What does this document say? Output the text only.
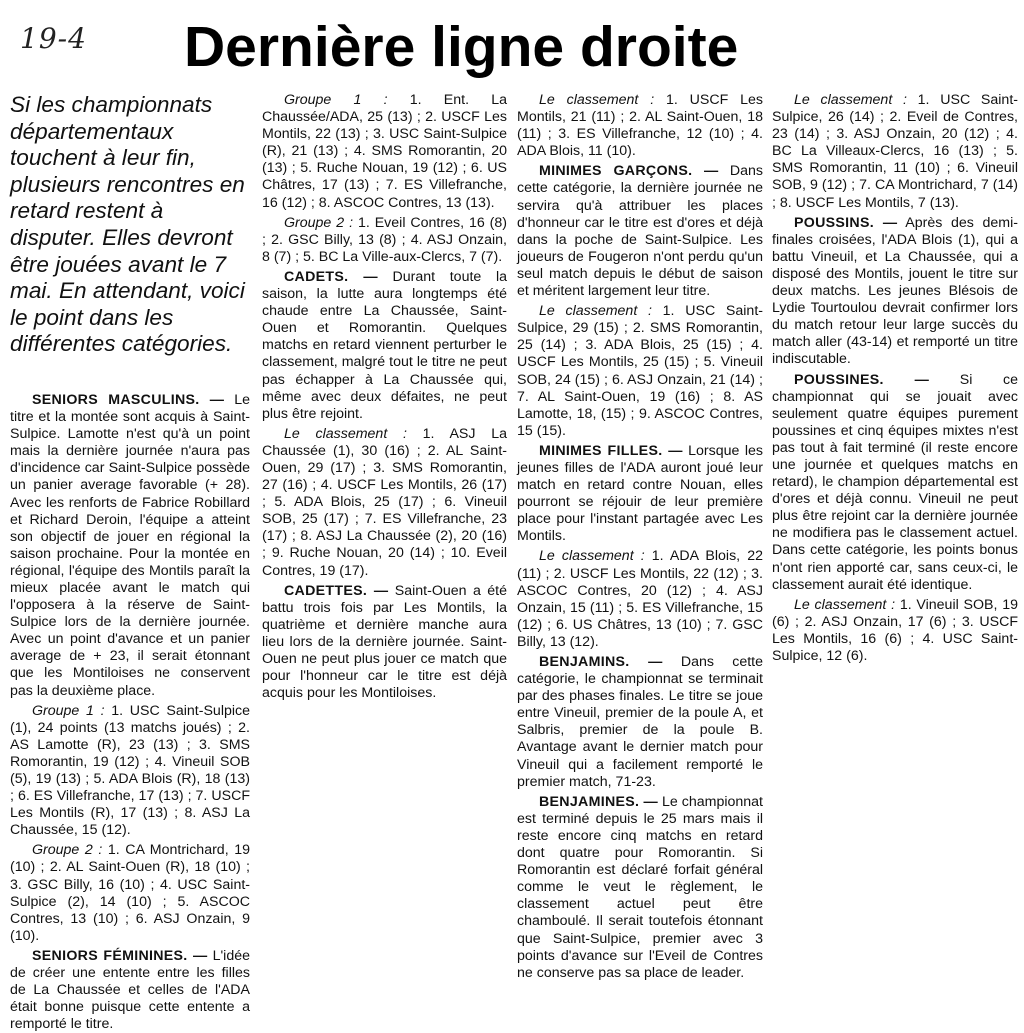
19-4 Dernière ligne droite

Si les championnats départementaux touchent à leur fin, plusieurs rencontres en retard restent à disputer. Elles devront être jouées avant le 7 mai. En attendant, voici le point dans les différentes catégories.

SENIORS MASCULINS. — Le titre et la montée sont acquis à Saint-Sulpice. Lamotte n'est qu'à un point mais la dernière journée n'aura pas d'incidence car Saint-Sulpice possède un panier average favorable (+ 28). Avec les renforts de Fabrice Robillard et Richard Deroin, l'équipe a atteint son objectif de jouer en régional la saison prochaine. Pour la montée en régional, l'équipe des Montils paraît la mieux placée avant le match qui l'opposera à la réserve de Saint-Sulpice lors de la dernière journée. Avec un point d'avance et un panier average de + 23, il serait étonnant que les Montiloises ne conservent pas la deuxième place.

Groupe 1 : 1. USC Saint-Sulpice (1), 24 points (13 matchs joués) ; 2. AS Lamotte (R), 23 (13) ; 3. SMS Romorantin, 19 (12) ; 4. Vineuil SOB (5), 19 (13) ; 5. ADA Blois (R), 18 (13) ; 6. ES Villefranche, 17 (13) ; 7. USCF Les Montils (R), 17 (13) ; 8. ASJ La Chaussée, 15 (12).

Groupe 2 : 1. CA Montrichard, 19 (10) ; 2. AL Saint-Ouen (R), 18 (10) ; 3. GSC Billy, 16 (10) ; 4. USC Saint-Sulpice (2), 14 (10) ; 5. ASCOC Contres, 13 (10) ; 6. ASJ Onzain, 9 (10).

SENIORS FÉMININES. — L'idée de créer une entente entre les filles de La Chaussée et celles de l'ADA était bonne puisque cette entente a remporté le titre.

Groupe 1 : 1. Ent. La Chaussée/ADA, 25 (13) ; 2. USCF Les Montils, 22 (13) ; 3. USC Saint-Sulpice (R), 21 (13) ; 4. SMS Romorantin, 20 (13) ; 5. Ruche Nouan, 19 (12) ; 6. US Châtres, 17 (13) ; 7. ES Villefranche, 16 (12) ; 8. ASCOC Contres, 13 (13).

Groupe 2 : 1. Eveil Contres, 16 (8) ; 2. GSC Billy, 13 (8) ; 4. ASJ Onzain, 8 (7) ; 5. BC La Ville-aux-Clercs, 7 (7).

CADETS. — Durant toute la saison, la lutte aura longtemps été chaude entre La Chaussée, Saint-Ouen et Romorantin. Quelques matchs en retard viennent perturber le classement, malgré tout le titre ne peut pas échapper à La Chaussée qui, même avec deux défaites, ne peut plus être rejoint.

Le classement : 1. ASJ La Chaussée (1), 30 (16) ; 2. AL Saint-Ouen, 29 (17) ; 3. SMS Romorantin, 27 (16) ; 4. USCF Les Montils, 26 (17) ; 5. ADA Blois, 25 (17) ; 6. Vineuil SOB, 25 (17) ; 7. ES Villefranche, 23 (17) ; 8. ASJ La Chaussée (2), 20 (16) ; 9. Ruche Nouan, 20 (14) ; 10. Eveil Contres, 19 (17).

CADETTES. — Saint-Ouen a été battu trois fois par Les Montils, la quatrième et dernière manche aura lieu lors de la dernière journée. Saint-Ouen ne peut plus jouer ce match que pour l'honneur car le titre est déjà acquis pour les Montiloises.

Le classement : 1. USCF Les Montils, 21 (11) ; 2. AL Saint-Ouen, 18 (11) ; 3. ES Villefranche, 12 (10) ; 4. ADA Blois, 11 (10).

MINIMES GARÇONS. — Dans cette catégorie, la dernière journée ne servira qu'à attribuer les places d'honneur car le titre est d'ores et déjà dans la poche de Saint-Sulpice. Les joueurs de Fougeron n'ont perdu qu'un seul match depuis le début de saison et méritent largement leur titre.

Le classement : 1. USC Saint-Sulpice, 29 (15) ; 2. SMS Romorantin, 25 (14) ; 3. ADA Blois, 25 (15) ; 4. USCF Les Montils, 25 (15) ; 5. Vineuil SOB, 24 (15) ; 6. ASJ Onzain, 21 (14) ; 7. AL Saint-Ouen, 19 (16) ; 8. AS Lamotte, 18, (15) ; 9. ASCOC Contres, 15 (15).

MINIMES FILLES. — Lorsque les jeunes filles de l'ADA auront joué leur match en retard contre Nouan, elles pourront se réjouir de leur première place pour l'instant partagée avec Les Montils.

Le classement : 1. ADA Blois, 22 (11) ; 2. USCF Les Montils, 22 (12) ; 3. ASCOC Contres, 20 (12) ; 4. ASJ Onzain, 15 (11) ; 5. ES Villefranche, 15 (12) ; 6. US Châtres, 13 (10) ; 7. GSC Billy, 13 (12).

BENJAMINS. — Dans cette catégorie, le championnat se terminait par des phases finales. Le titre se joue entre Vineuil, premier de la poule A, et Salbris, premier de la poule B. Avantage avant le dernier match pour Vineuil qui a facilement remporté le premier match, 71-23.

BENJAMINES. — Le championnat est terminé depuis le 25 mars mais il reste encore cinq matchs en retard dont quatre pour Romorantin. Si Romorantin est déclaré forfait général comme le veut le règlement, le classement actuel peut être chamboulé. Il serait toutefois étonnant que Saint-Sulpice, premier avec 3 points d'avance sur l'Eveil de Contres ne conserve pas sa place de leader.

Le classement : 1. USC Saint-Sulpice, 26 (14) ; 2. Eveil de Contres, 23 (14) ; 3. ASJ Onzain, 20 (12) ; 4. BC La Villeaux-Clercs, 16 (13) ; 5. SMS Romorantin, 11 (10) ; 6. Vineuil SOB, 9 (12) ; 7. CA Montrichard, 7 (14) ; 8. USCF Les Montils, 7 (13).

POUSSINS. — Après des demi-finales croisées, l'ADA Blois (1), qui a battu Vineuil, et La Chaussée, qui a disposé des Montils, jouent le titre sur deux matchs. Les jeunes Blésois de Lydie Tourtoulou devrait confirmer lors du match retour leur large succès du match aller (43-14) et remporté un titre indiscutable.

POUSSINES. — Si ce championnat qui se jouait avec seulement quatre équipes purement poussines et cinq équipes mixtes n'est pas tout à fait terminé (il reste encore une journée et quelques matchs en retard), le champion départemental est d'ores et déjà connu. Vineuil ne peut plus être rejoint car la dernière journée ne modifiera pas le classement actuel. Dans cette catégorie, les points bonus n'ont rien apporté car, sans ceux-ci, le classement aurait été identique.

Le classement : 1. Vineuil SOB, 19 (6) ; 2. ASJ Onzain, 17 (6) ; 3. USCF Les Montils, 16 (6) ; 4. USC Saint-Sulpice, 12 (6).
